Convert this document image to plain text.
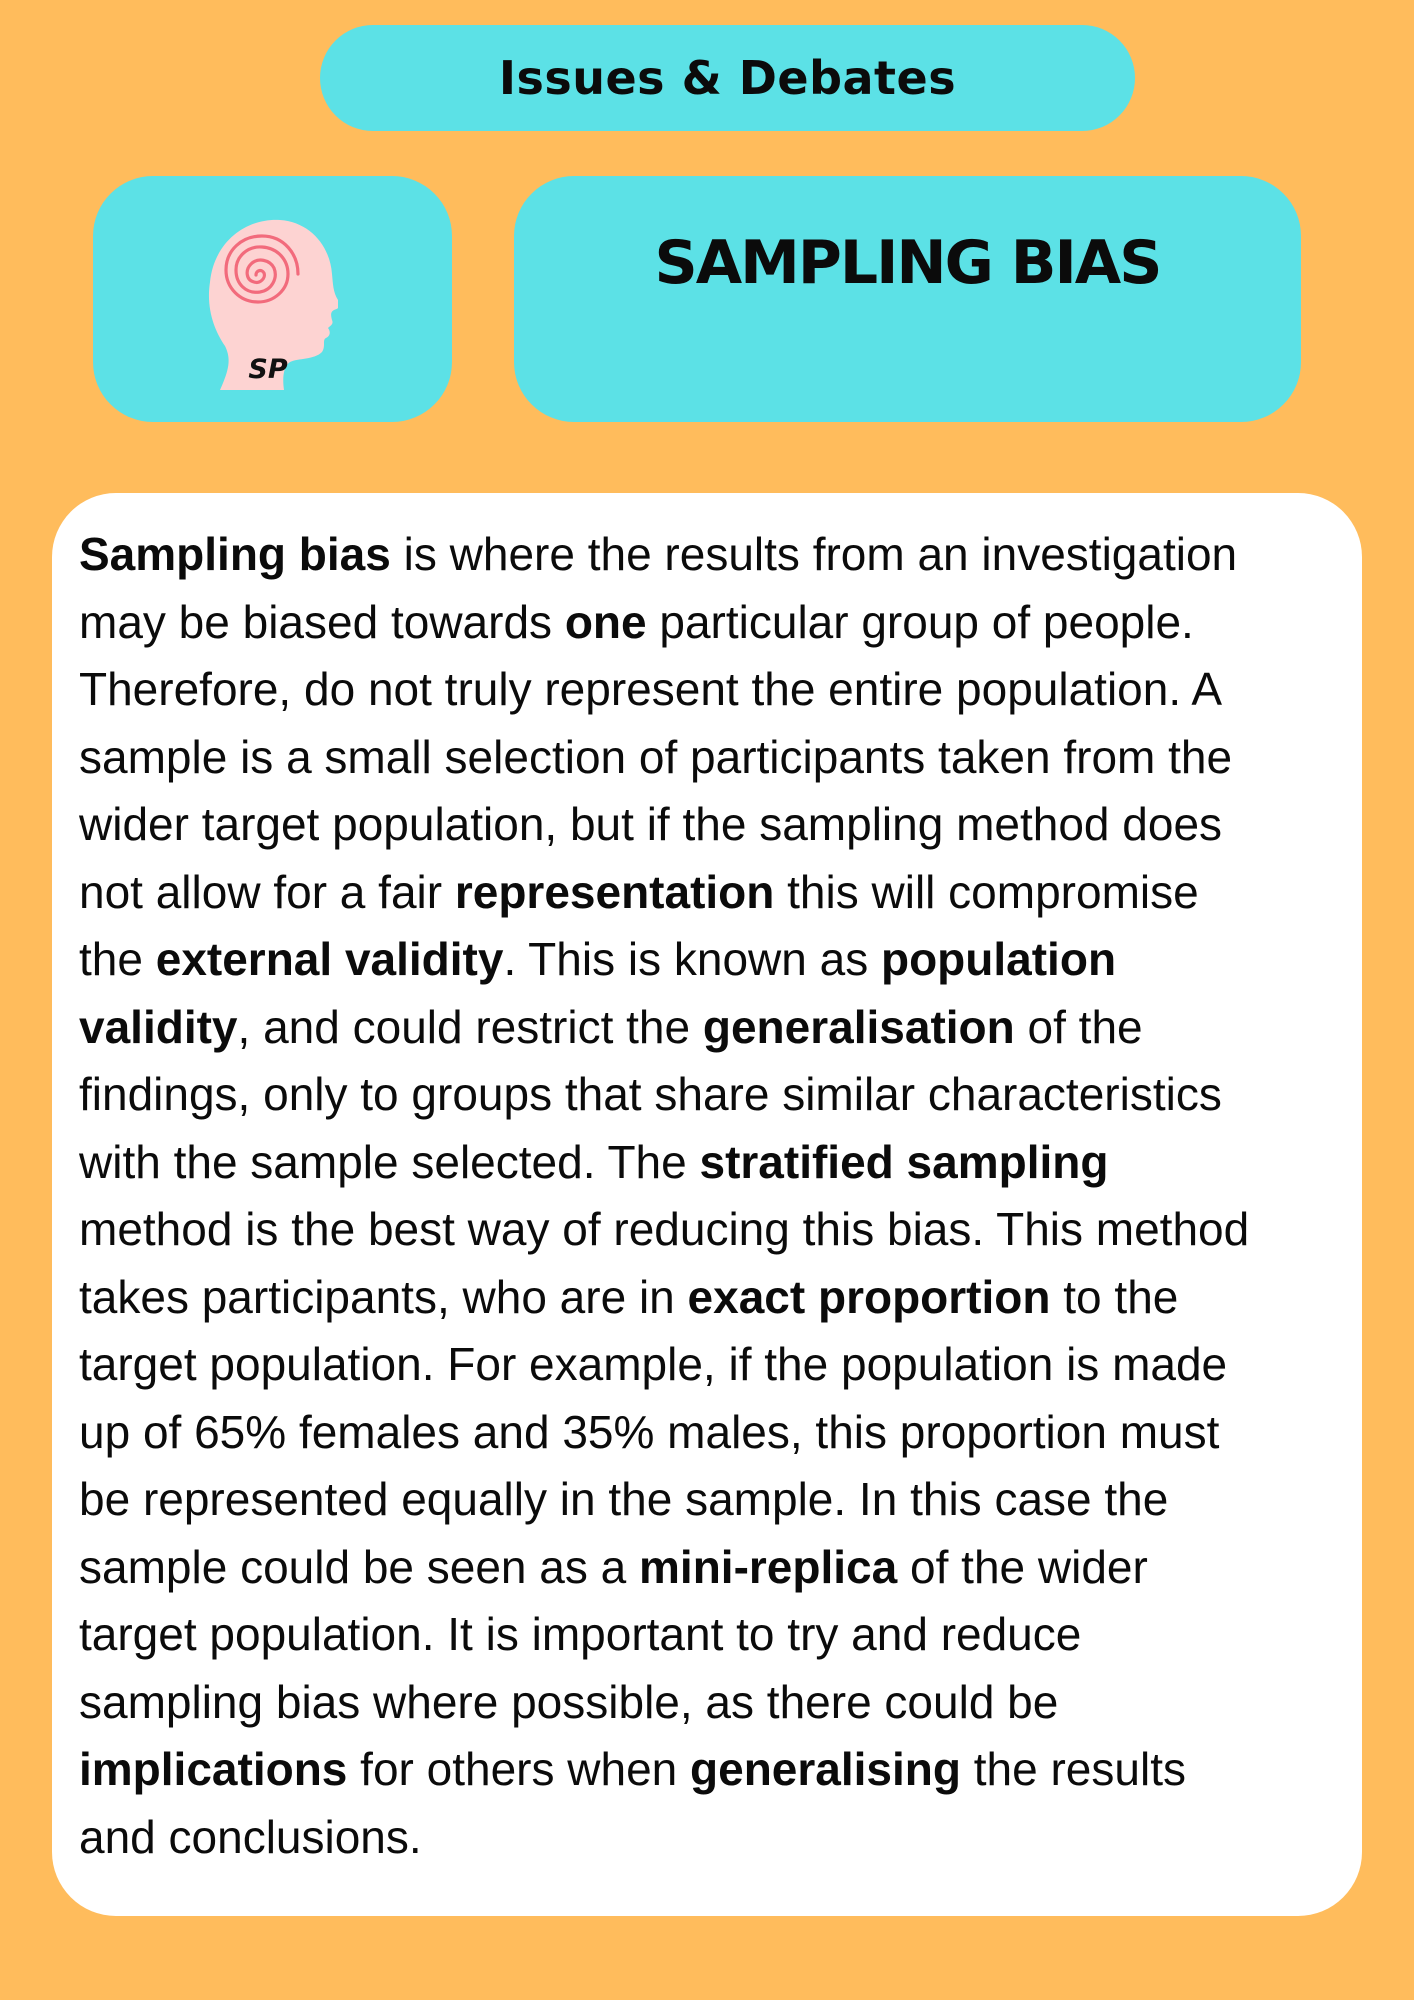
Issues & Debates
SP
SAMPLING BIAS

Sampling bias is where the results from an investigation
may be biased towards one particular group of people.
Therefore, do not truly represent the entire population. A
sample is a small selection of participants taken from the
wider target population, but if the sampling method does
not allow for a fair representation this will compromise
the external validity. This is known as population
validity, and could restrict the generalisation of the
findings, only to groups that share similar characteristics
with the sample selected. The stratified sampling
method is the best way of reducing this bias. This method
takes participants, who are in exact proportion to the
target population. For example, if the population is made
up of 65% females and 35% males, this proportion must
be represented equally in the sample. In this case the
sample could be seen as a mini-replica of the wider
target population. It is important to try and reduce
sampling bias where possible, as there could be
implications for others when generalising the results
and conclusions.
